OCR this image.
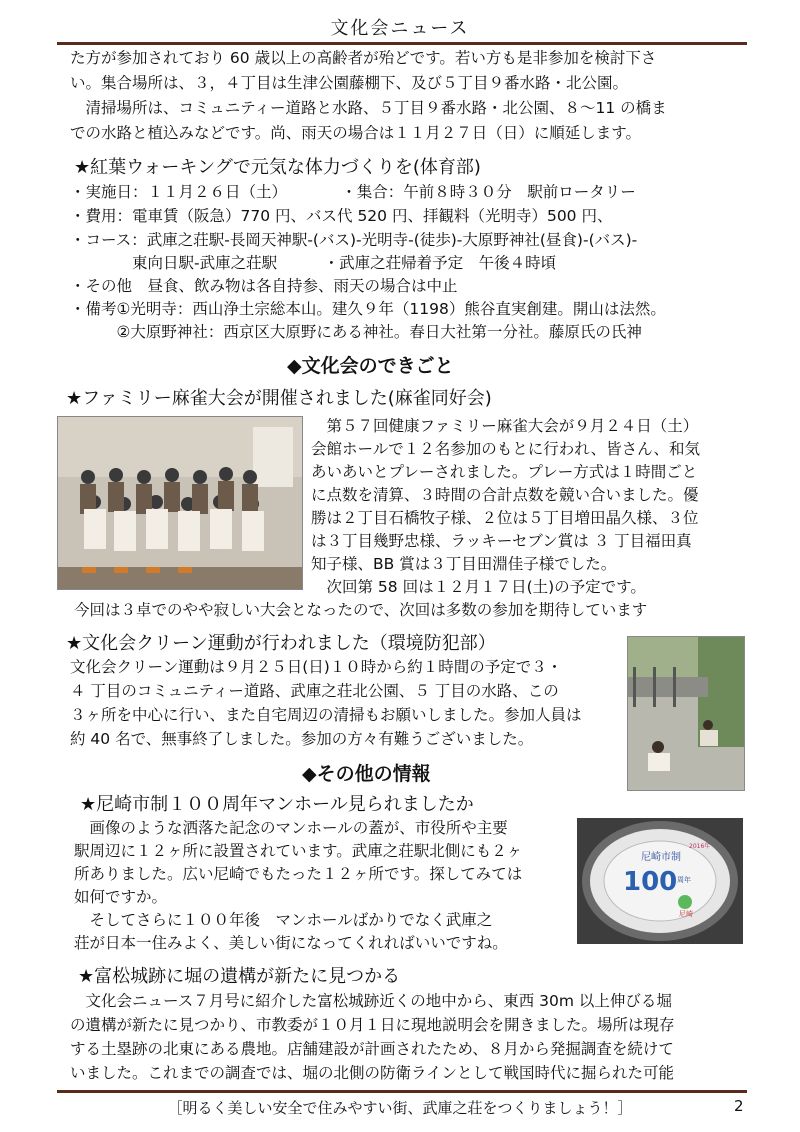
文化会ニュース
た方が参加されており 60 歳以上の高齢者が殆どです。若い方も是非参加を検討下さ
い。集合場所は、３，４丁目は生津公園藤棚下、及び５丁目９番水路・北公園。
　清掃場所は、コミュニティー道路と水路、５丁目９番水路・北公園、８～11 の橋ま
での水路と植込みなどです。尚、雨天の場合は１１月２７日（日）に順延します。
★紅葉ウォーキングで元気な体力づくりを(体育部)
・実施日：１１月２６日（土）　　　　・集合：午前８時３０分　駅前ロータリー
・費用：電車賃（阪急）770 円、バス代 520 円、拝観料（光明寺）500 円、
・コース：武庫之荘駅-長岡天神駅-(バス)-光明寺-(徒歩)-大原野神社(昼食)-(バス)-
　　　　東向日駅-武庫之荘駅　　　・武庫之荘帰着予定　午後４時頃
・その他　昼食、飲み物は各自持参、雨天の場合は中止
・備考①光明寺：西山浄土宗総本山。建久９年（1198）熊谷直実創建。開山は法然。
　　　②大原野神社：西京区大原野にある神社。春日大社第一分社。藤原氏の氏神
◆文化会のできごと
★ファミリー麻雀大会が開催されました(麻雀同好会)
　第５７回健康ファミリー麻雀大会が９月２４日（土）
会館ホールで１２名参加のもとに行われ、皆さん、和気
あいあいとプレーされました。プレー方式は１時間ごと
に点数を清算、３時間の合計点数を競い合いました。優
勝は２丁目石橋牧子様、２位は５丁目増田晶久様、３位
は３丁目幾野忠様、ラッキーセブン賞は ３ 丁目福田真
知子様、BB 賞は３丁目田淵佳子様でした。
　次回第 58 回は１２月１７日(土)の予定です。
今回は３卓でのやや寂しい大会となったので、次回は多数の参加を期待しています
★文化会クリーン運動が行われました（環境防犯部）
文化会クリーン運動は９月２５日(日)１０時から約１時間の予定で３・
４ 丁目のコミュニティー道路、武庫之荘北公園、５ 丁目の水路、この
３ヶ所を中心に行い、また自宅周辺の清掃もお願いしました。参加人員は
約 40 名で、無事終了しました。参加の方々有難うございました。
◆その他の情報
★尼崎市制１００周年マンホール見られましたか
　画像のような洒落た記念のマンホールの蓋が、市役所や主要
駅周辺に１２ヶ所に設置されています。武庫之荘駅北側にも２ヶ
所ありました。広い尼崎でもたった１２ヶ所です。探してみては
如何ですか。
　そしてさらに１００年後　マンホールばかりでなく武庫之
荘が日本一住みよく、美しい街になってくれればいいですね。
尼崎市制
2016年
100 周年
尼崎
★富松城跡に堀の遺構が新たに見つかる
　文化会ニュース７月号に紹介した富松城跡近くの地中から、東西 30m 以上伸びる堀
の遺構が新たに見つかり、市教委が１０月１日に現地説明会を開きました。場所は現存
する土塁跡の北東にある農地。店舗建設が計画されたため、８月から発掘調査を続けて
いました。これまでの調査では、堀の北側の防衛ラインとして戦国時代に掘られた可能
［明るく美しい安全で住みやすい街、武庫之荘をつくりましょう！］	2
